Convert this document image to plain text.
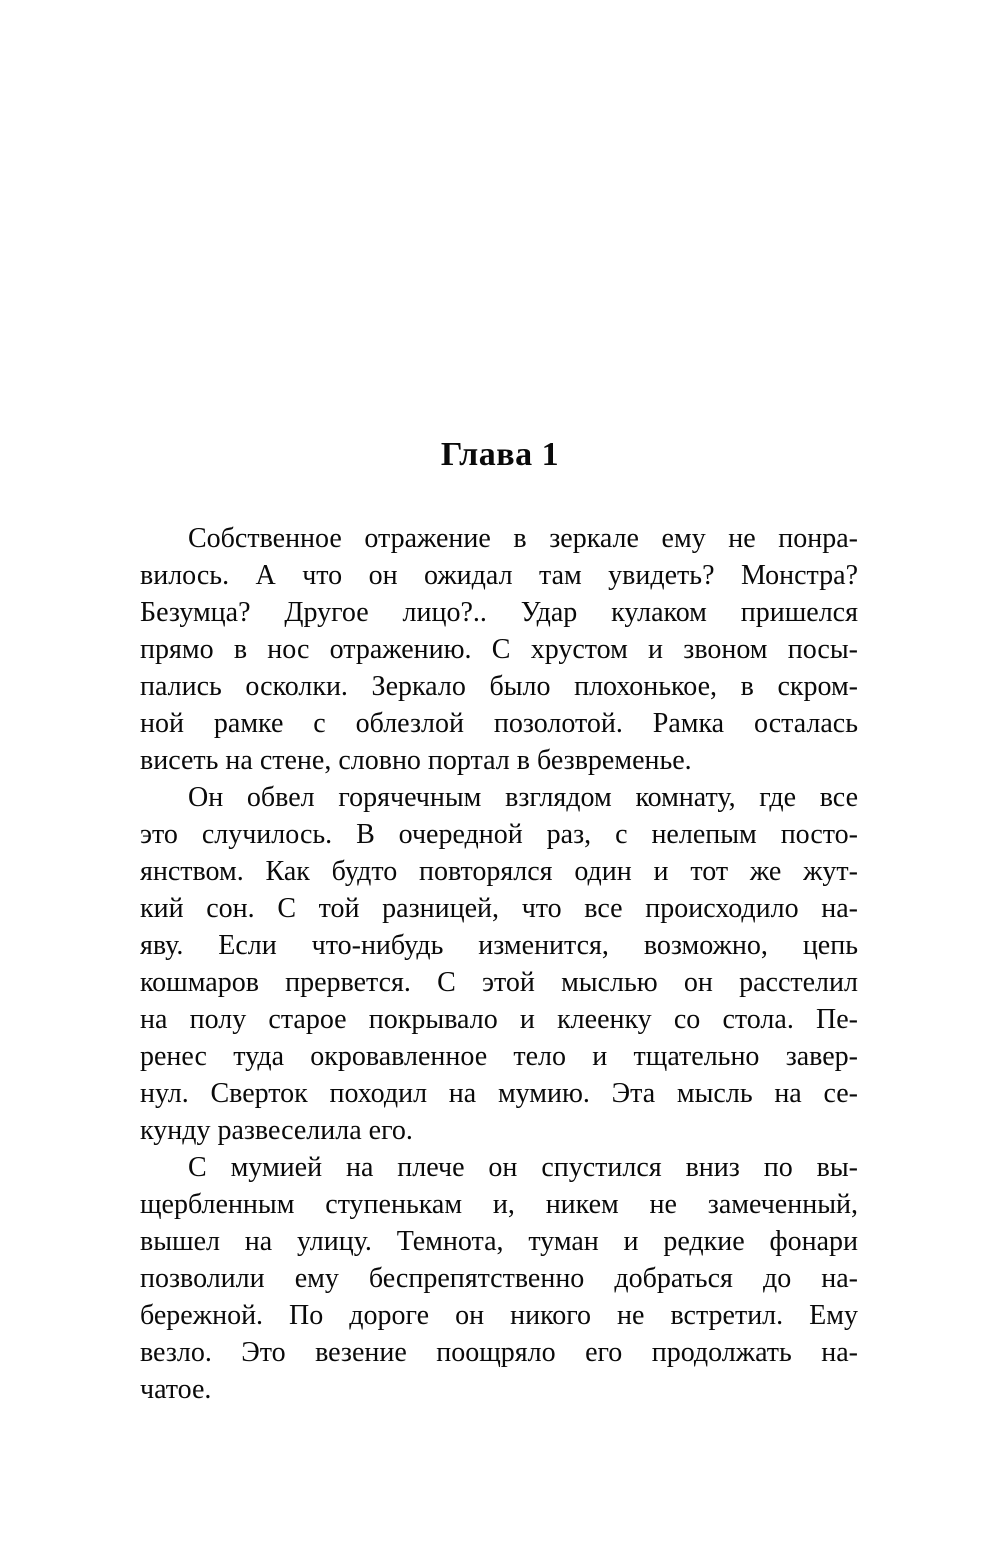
Глава 1
Собственное отражение в зеркале ему не понра-
вилось. А что он ожидал там увидеть? Монстра?
Безумца? Другое лицо?.. Удар кулаком пришелся
прямо в нос отражению. С хрустом и звоном посы-
пались осколки. Зеркало было плохонькое, в скром-
ной рамке с облезлой позолотой. Рамка осталась
висеть на стене, словно портал в безвременье.
Он обвел горячечным взглядом комнату, где все
это случилось. В очередной раз, с нелепым посто-
янством. Как будто повторялся один и тот же жут-
кий сон. С той разницей, что все происходило на-
яву. Если что-нибудь изменится, возможно, цепь
кошмаров прервется. С этой мыслью он расстелил
на полу старое покрывало и клеенку со стола. Пе-
ренес туда окровавленное тело и тщательно завер-
нул. Сверток походил на мумию. Эта мысль на се-
кунду развеселила его.
С мумией на плече он спустился вниз по вы-
щербленным ступенькам и, никем не замеченный,
вышел на улицу. Темнота, туман и редкие фонари
позволили ему беспрепятственно добраться до на-
бережной. По дороге он никого не встретил. Ему
везло. Это везение поощряло его продолжать на-
чатое.
